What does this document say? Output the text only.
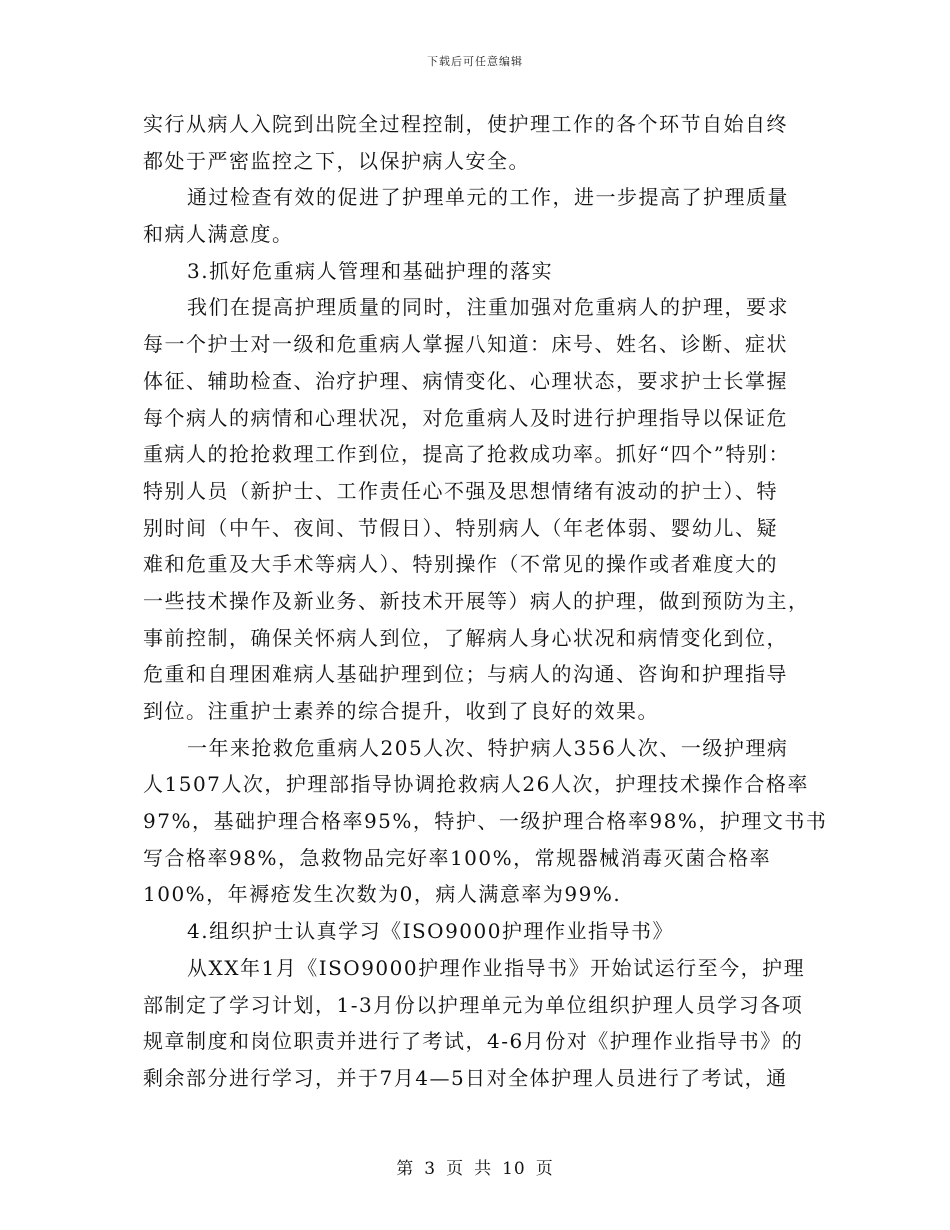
下载后可任意编辑
实行从病人入院到出院全过程控制，使护理工作的各个环节自始自终
都处于严密监控之下，以保护病人安全。
通过检查有效的促进了护理单元的工作，进一步提高了护理质量
和病人满意度。
3.抓好危重病人管理和基础护理的落实
我们在提高护理质量的同时，注重加强对危重病人的护理，要求
每一个护士对一级和危重病人掌握八知道：床号、姓名、诊断、症状
体征、辅助检查、治疗护理、病情变化、心理状态，要求护士长掌握
每个病人的病情和心理状况，对危重病人及时进行护理指导以保证危
重病人的抢抢救理工作到位，提高了抢救成功率。抓好“四个”特别：
特别人员（新护士、工作责任心不强及思想情绪有波动的护士）、特
别时间（中午、夜间、节假日）、特别病人（年老体弱、婴幼儿、疑
难和危重及大手术等病人）、特别操作（不常见的操作或者难度大的
一些技术操作及新业务、新技术开展等）病人的护理，做到预防为主，
事前控制，确保关怀病人到位，了解病人身心状况和病情变化到位，
危重和自理困难病人基础护理到位；与病人的沟通、咨询和护理指导
到位。注重护士素养的综合提升，收到了良好的效果。
一年来抢救危重病人205人次、特护病人356人次、一级护理病
人1507人次，护理部指导协调抢救病人26人次，护理技术操作合格率
97%，基础护理合格率95%，特护、一级护理合格率98%，护理文书书
写合格率98%，急救物品完好率100%，常规器械消毒灭菌合格率
100%，年褥疮发生次数为0，病人满意率为99%.
4.组织护士认真学习《ISO9000护理作业指导书》
从XX年1月《ISO9000护理作业指导书》开始试运行至今，护理
部制定了学习计划，1-3月份以护理单元为单位组织护理人员学习各项
规章制度和岗位职责并进行了考试，4-6月份对《护理作业指导书》的
剩余部分进行学习，并于7月4—5日对全体护理人员进行了考试，通
第 3 页 共 10 页
